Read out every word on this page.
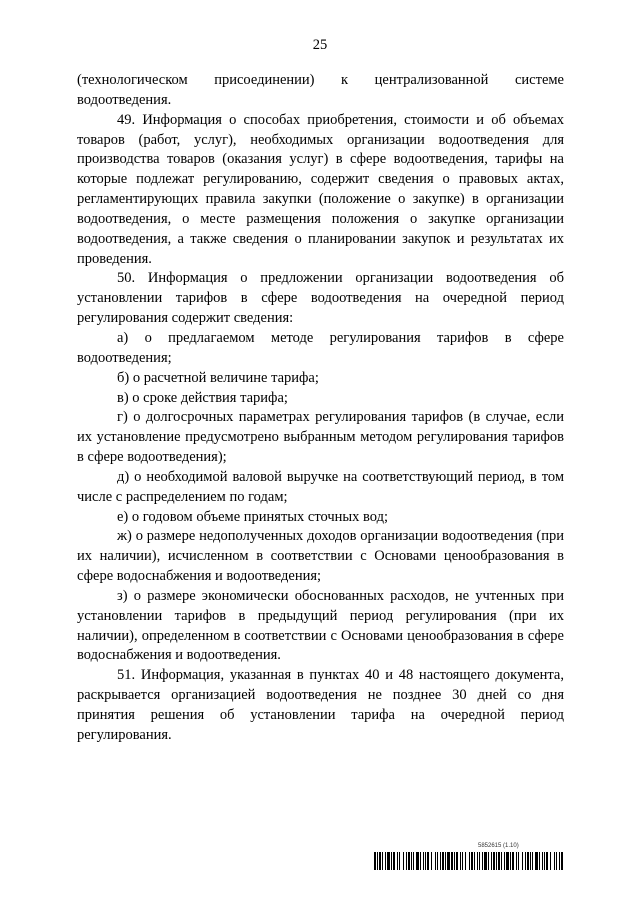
25

(технологическом присоединении) к централизованной системе водоотведения.

49. Информация о способах приобретения, стоимости и об объемах товаров (работ, услуг), необходимых организации водоотведения для производства товаров (оказания услуг) в сфере водоотведения, тарифы на которые подлежат регулированию, содержит сведения о правовых актах, регламентирующих правила закупки (положение о закупке) в организации водоотведения, о месте размещения положения о закупке организации водоотведения, а также сведения о планировании закупок и результатах их проведения.

50. Информация о предложении организации водоотведения об установлении тарифов в сфере водоотведения на очередной период регулирования содержит сведения:

а) о предлагаемом методе регулирования тарифов в сфере водоотведения;

б) о расчетной величине тарифа;

в) о сроке действия тарифа;

г) о долгосрочных параметрах регулирования тарифов (в случае, если их установление предусмотрено выбранным методом регулирования тарифов в сфере водоотведения);

д) о необходимой валовой выручке на соответствующий период, в том числе с распределением по годам;

е) о годовом объеме принятых сточных вод;

ж) о размере недополученных доходов организации водоотведения (при их наличии), исчисленном в соответствии с Основами ценообразования в сфере водоснабжения и водоотведения;

з) о размере экономически обоснованных расходов, не учтенных при установлении тарифов в предыдущий период регулирования (при их наличии), определенном в соответствии с Основами ценообразования в сфере водоснабжения и водоотведения.

51. Информация, указанная в пунктах 40 и 48 настоящего документа, раскрывается организацией водоотведения не позднее 30 дней со дня принятия решения об установлении тарифа на очередной период регулирования.

5852615 (1.10)
